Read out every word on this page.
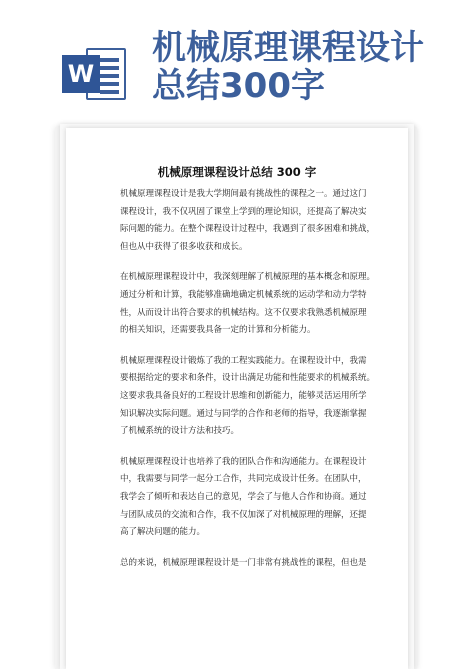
W
机械原理课程设计
总结300字
机械原理课程设计总结 300 字

机械原理课程设计是我大学期间最有挑战性的课程之一。通过这门
课程设计，我不仅巩固了课堂上学到的理论知识，还提高了解决实
际问题的能力。在整个课程设计过程中，我遇到了很多困难和挑战，
但也从中获得了很多收获和成长。

在机械原理课程设计中，我深刻理解了机械原理的基本概念和原理。
通过分析和计算，我能够准确地确定机械系统的运动学和动力学特
性，从而设计出符合要求的机械结构。这不仅要求我熟悉机械原理
的相关知识，还需要我具备一定的计算和分析能力。

机械原理课程设计锻炼了我的工程实践能力。在课程设计中，我需
要根据给定的要求和条件，设计出满足功能和性能要求的机械系统。
这要求我具备良好的工程设计思维和创新能力，能够灵活运用所学
知识解决实际问题。通过与同学的合作和老师的指导，我逐渐掌握
了机械系统的设计方法和技巧。

机械原理课程设计也培养了我的团队合作和沟通能力。在课程设计
中，我需要与同学一起分工合作，共同完成设计任务。在团队中，
我学会了倾听和表达自己的意见，学会了与他人合作和协商。通过
与团队成员的交流和合作，我不仅加深了对机械原理的理解，还提
高了解决问题的能力。

总的来说，机械原理课程设计是一门非常有挑战性的课程，但也是
